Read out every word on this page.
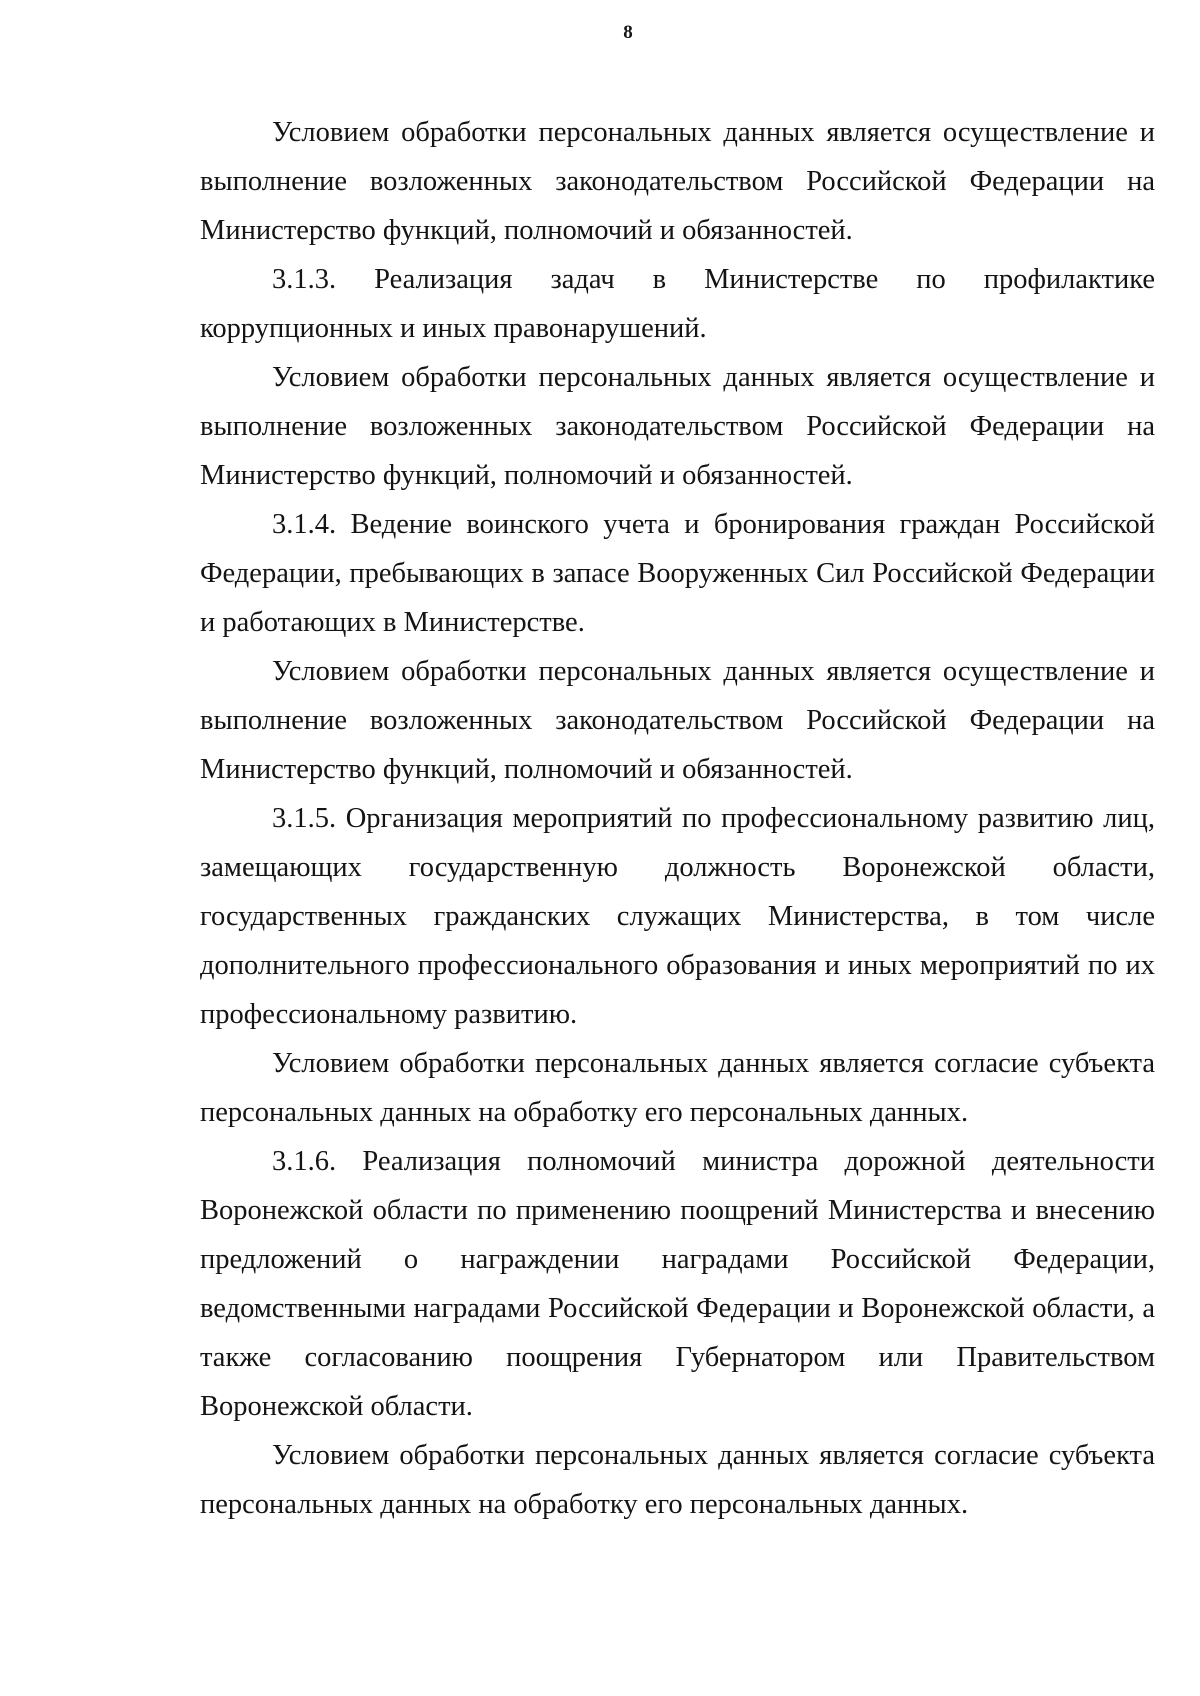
8

Условием обработки персональных данных является осуществление и выполнение возложенных законодательством Российской Федерации на Министерство функций, полномочий и обязанностей.

3.1.3. Реализация задач в Министерстве по профилактике коррупционных и иных правонарушений.

Условием обработки персональных данных является осуществление и выполнение возложенных законодательством Российской Федерации на Министерство функций, полномочий и обязанностей.

3.1.4. Ведение воинского учета и бронирования граждан Российской Федерации, пребывающих в запасе Вооруженных Сил Российской Федерации и работающих в Министерстве.

Условием обработки персональных данных является осуществление и выполнение возложенных законодательством Российской Федерации на Министерство функций, полномочий и обязанностей.

3.1.5. Организация мероприятий по профессиональному развитию лиц, замещающих государственную должность Воронежской области, государственных гражданских служащих Министерства, в том числе дополнительного профессионального образования и иных мероприятий по их профессиональному развитию.

Условием обработки персональных данных является согласие субъекта персональных данных на обработку его персональных данных.

3.1.6. Реализация полномочий министра дорожной деятельности Воронежской области по применению поощрений Министерства и внесению предложений о награждении наградами Российской Федерации, ведомственными наградами Российской Федерации и Воронежской области, а также согласованию поощрения Губернатором или Правительством Воронежской области.

Условием обработки персональных данных является согласие субъекта персональных данных на обработку его персональных данных.
